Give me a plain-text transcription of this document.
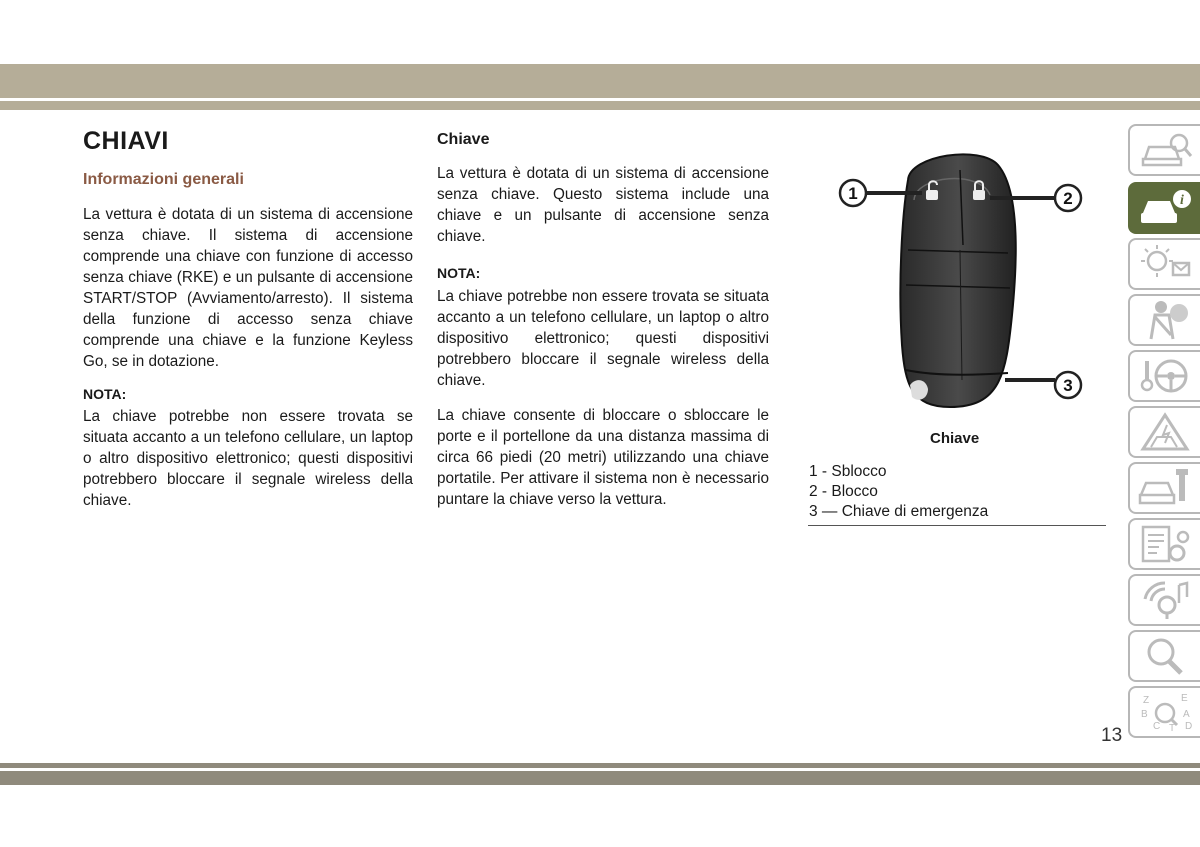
CHIAVI
Informazioni generali
La vettura è dotata di un sistema di accensione senza chiave. Il sistema di accensione comprende una chiave con funzione di accesso senza chiave (RKE) e un pulsante di accensione START/STOP (Avviamento/arresto). Il sistema della funzione di accesso senza chiave comprende una chiave e la funzione Keyless Go, se in dotazione.
NOTA:
La chiave potrebbe non essere trovata se situata accanto a un telefono cellulare, un laptop o altro dispositivo elettronico; questi dispositivi potrebbero bloccare il segnale wireless della chiave.
Chiave
La vettura è dotata di un sistema di accensione senza chiave. Questo sistema include una chiave e un pulsante di accensione senza chiave.
NOTA:
La chiave potrebbe non essere trovata se situata accanto a un telefono cellulare, un laptop o altro dispositivo elettronico; questi dispositivi potrebbero bloccare il segnale wireless della chiave.
La chiave consente di bloccare o sbloccare le porte e il portellone da una distanza massima di circa 66 piedi (20 metri) utilizzando una chiave portatile. Per attivare il sistema non è necessario puntare la chiave verso la vettura.
1	2
3
Chiave
1 - Sblocco
2 - Blocco
3 — Chiave di emergenza
i
Z	E
B	A
C T D
13
